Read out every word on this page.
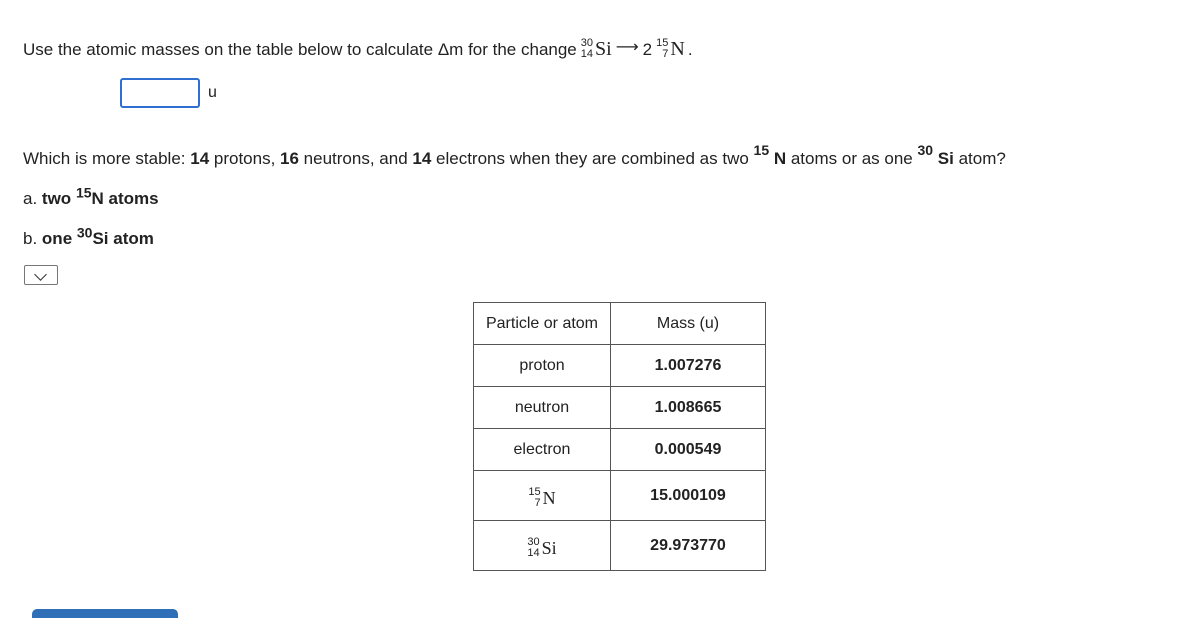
Use the atomic masses on the table below to calculate Δm for the change 30
14 Si ⟶ 2 15
7 N .
u
Which is more stable: 14 protons, 16 neutrons, and 14 electrons when they are combined as two $^{15}$ N atoms or as one $^{30}$ Si atom?
a. two $^{15}$N atoms
b. one $^{30}$Si atom
Particle or atom	Mass (u)
proton	1.007276
neutron	1.008665
electron	0.000549

15
7 N	15.000109

30
14 Si	29.973770
